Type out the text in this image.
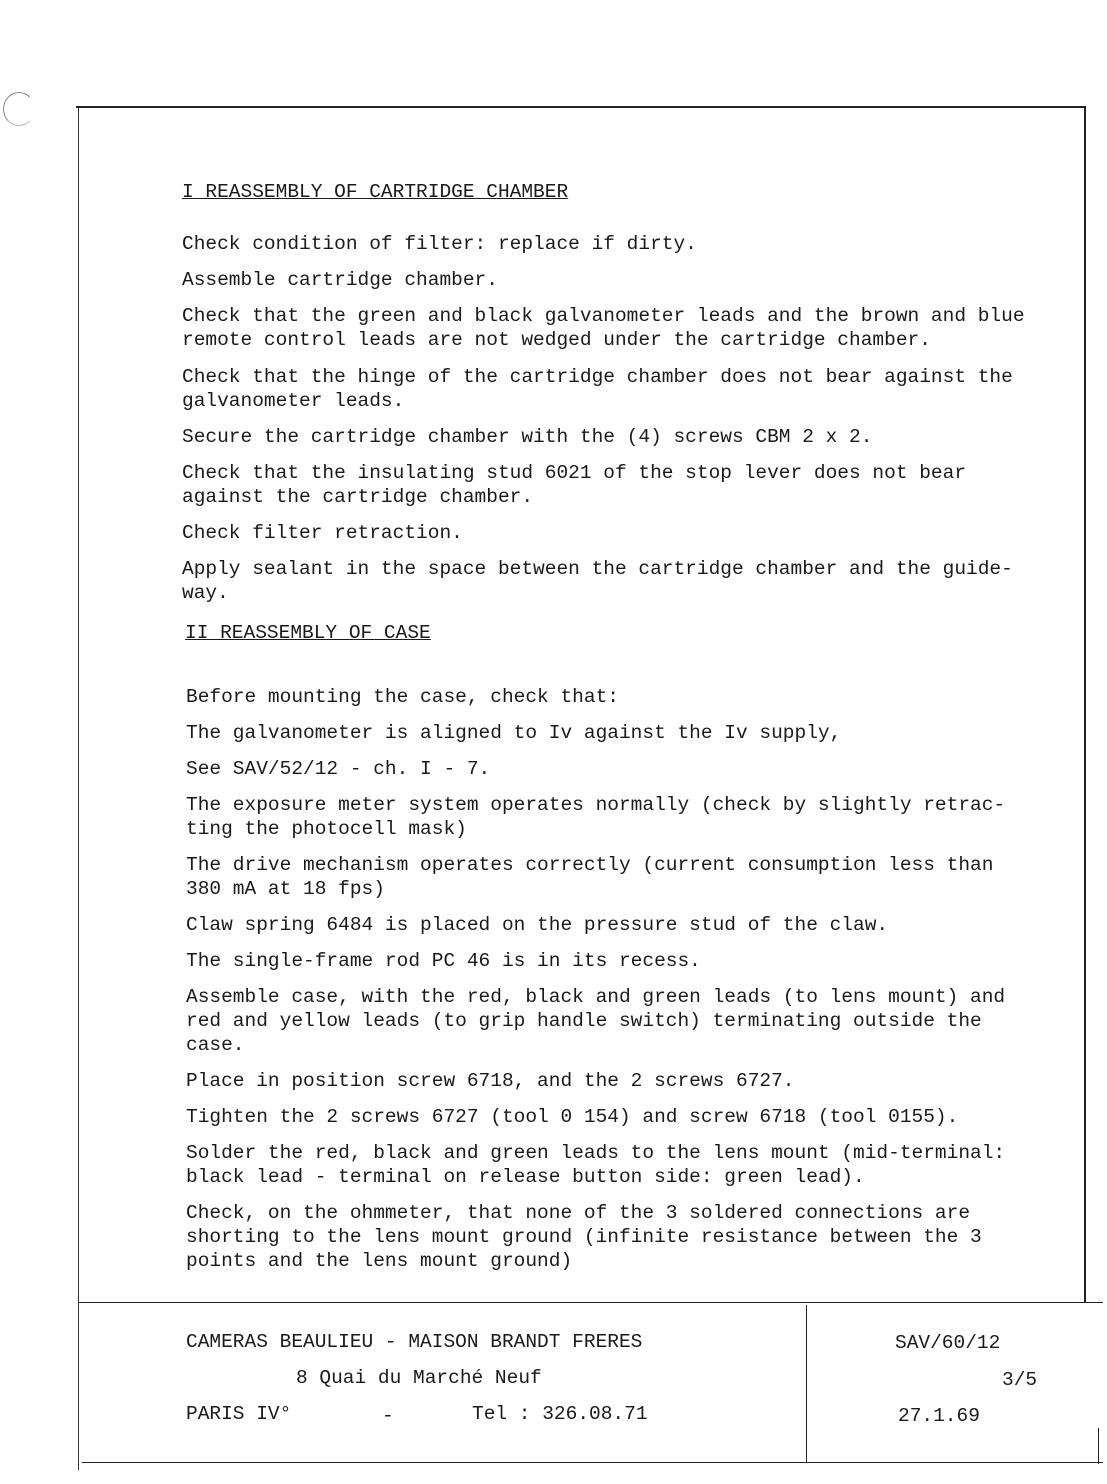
I REASSEMBLY OF CARTRIDGE CHAMBER

Check condition of filter: replace if dirty.

Assemble cartridge chamber.

Check that the green and black galvanometer leads and the brown and blue
remote control leads are not wedged under the cartridge chamber.

Check that the hinge of the cartridge chamber does not bear against the
galvanometer leads.

Secure the cartridge chamber with the (4) screws CBM 2 x 2.

Check that the insulating stud 6021 of the stop lever does not bear
against the cartridge chamber.

Check filter retraction.

Apply sealant in the space between the cartridge chamber and the guide-
way.

II REASSEMBLY OF CASE

Before mounting the case, check that:

The galvanometer is aligned to Iv against the Iv supply,

See SAV/52/12 - ch. I - 7.

The exposure meter system operates normally (check by slightly retrac-
ting the photocell mask)

The drive mechanism operates correctly (current consumption less than
380 mA at 18 fps)

Claw spring 6484 is placed on the pressure stud of the claw.

The single-frame rod PC 46 is in its recess.

Assemble case, with the red, black and green leads (to lens mount) and
red and yellow leads (to grip handle switch) terminating outside the
case.

Place in position screw 6718, and the 2 screws 6727.

Tighten the 2 screws 6727 (tool 0 154) and screw 6718 (tool 0155).

Solder the red, black and green leads to the lens mount (mid-terminal:
black lead - terminal on release button side: green lead).

Check, on the ohmmeter, that none of the 3 soldered connections are
shorting to the lens mount ground (infinite resistance between the 3
points and the lens mount ground)

CAMERAS BEAULIEU - MAISON BRANDT FRERES
8 Quai du Marché Neuf
PARIS IV°	-	Tel : 326.08.71
SAV/60/12
3/5
27.1.69
